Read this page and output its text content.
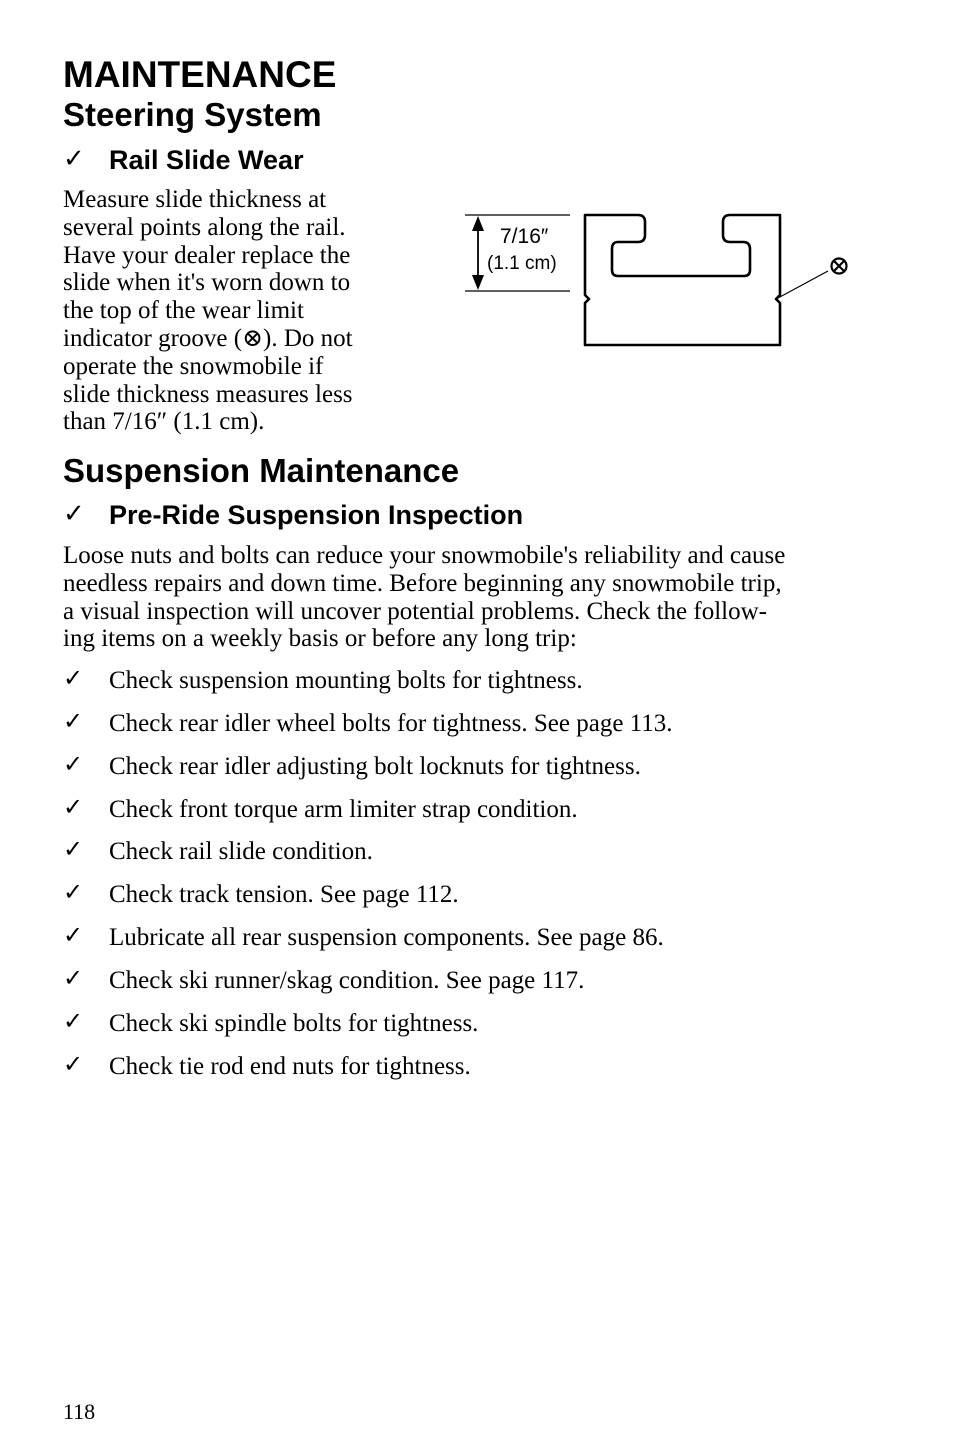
MAINTENANCE
Steering System
✓ Rail Slide Wear
Measure slide thickness at
several points along the rail.
Have your dealer replace the
slide when it's worn down to
the top of the wear limit
indicator groove (⊗). Do not
operate the snowmobile if
slide thickness measures less
than 7/16″ (1.1 cm).
7/16″
(1.1 cm)
Suspension Maintenance
✓ Pre-Ride Suspension Inspection
Loose nuts and bolts can reduce your snowmobile's reliability and cause
needless repairs and down time. Before beginning any snowmobile trip,
a visual inspection will uncover potential problems. Check the follow-
ing items on a weekly basis or before any long trip:
✓ Check suspension mounting bolts for tightness.
✓ Check rear idler wheel bolts for tightness. See page 113.
✓ Check rear idler adjusting bolt locknuts for tightness.
✓ Check front torque arm limiter strap condition.
✓ Check rail slide condition.
✓ Check track tension. See page 112.
✓ Lubricate all rear suspension components. See page 86.
✓ Check ski runner/skag condition. See page 117.
✓ Check ski spindle bolts for tightness.
✓ Check tie rod end nuts for tightness.
118
